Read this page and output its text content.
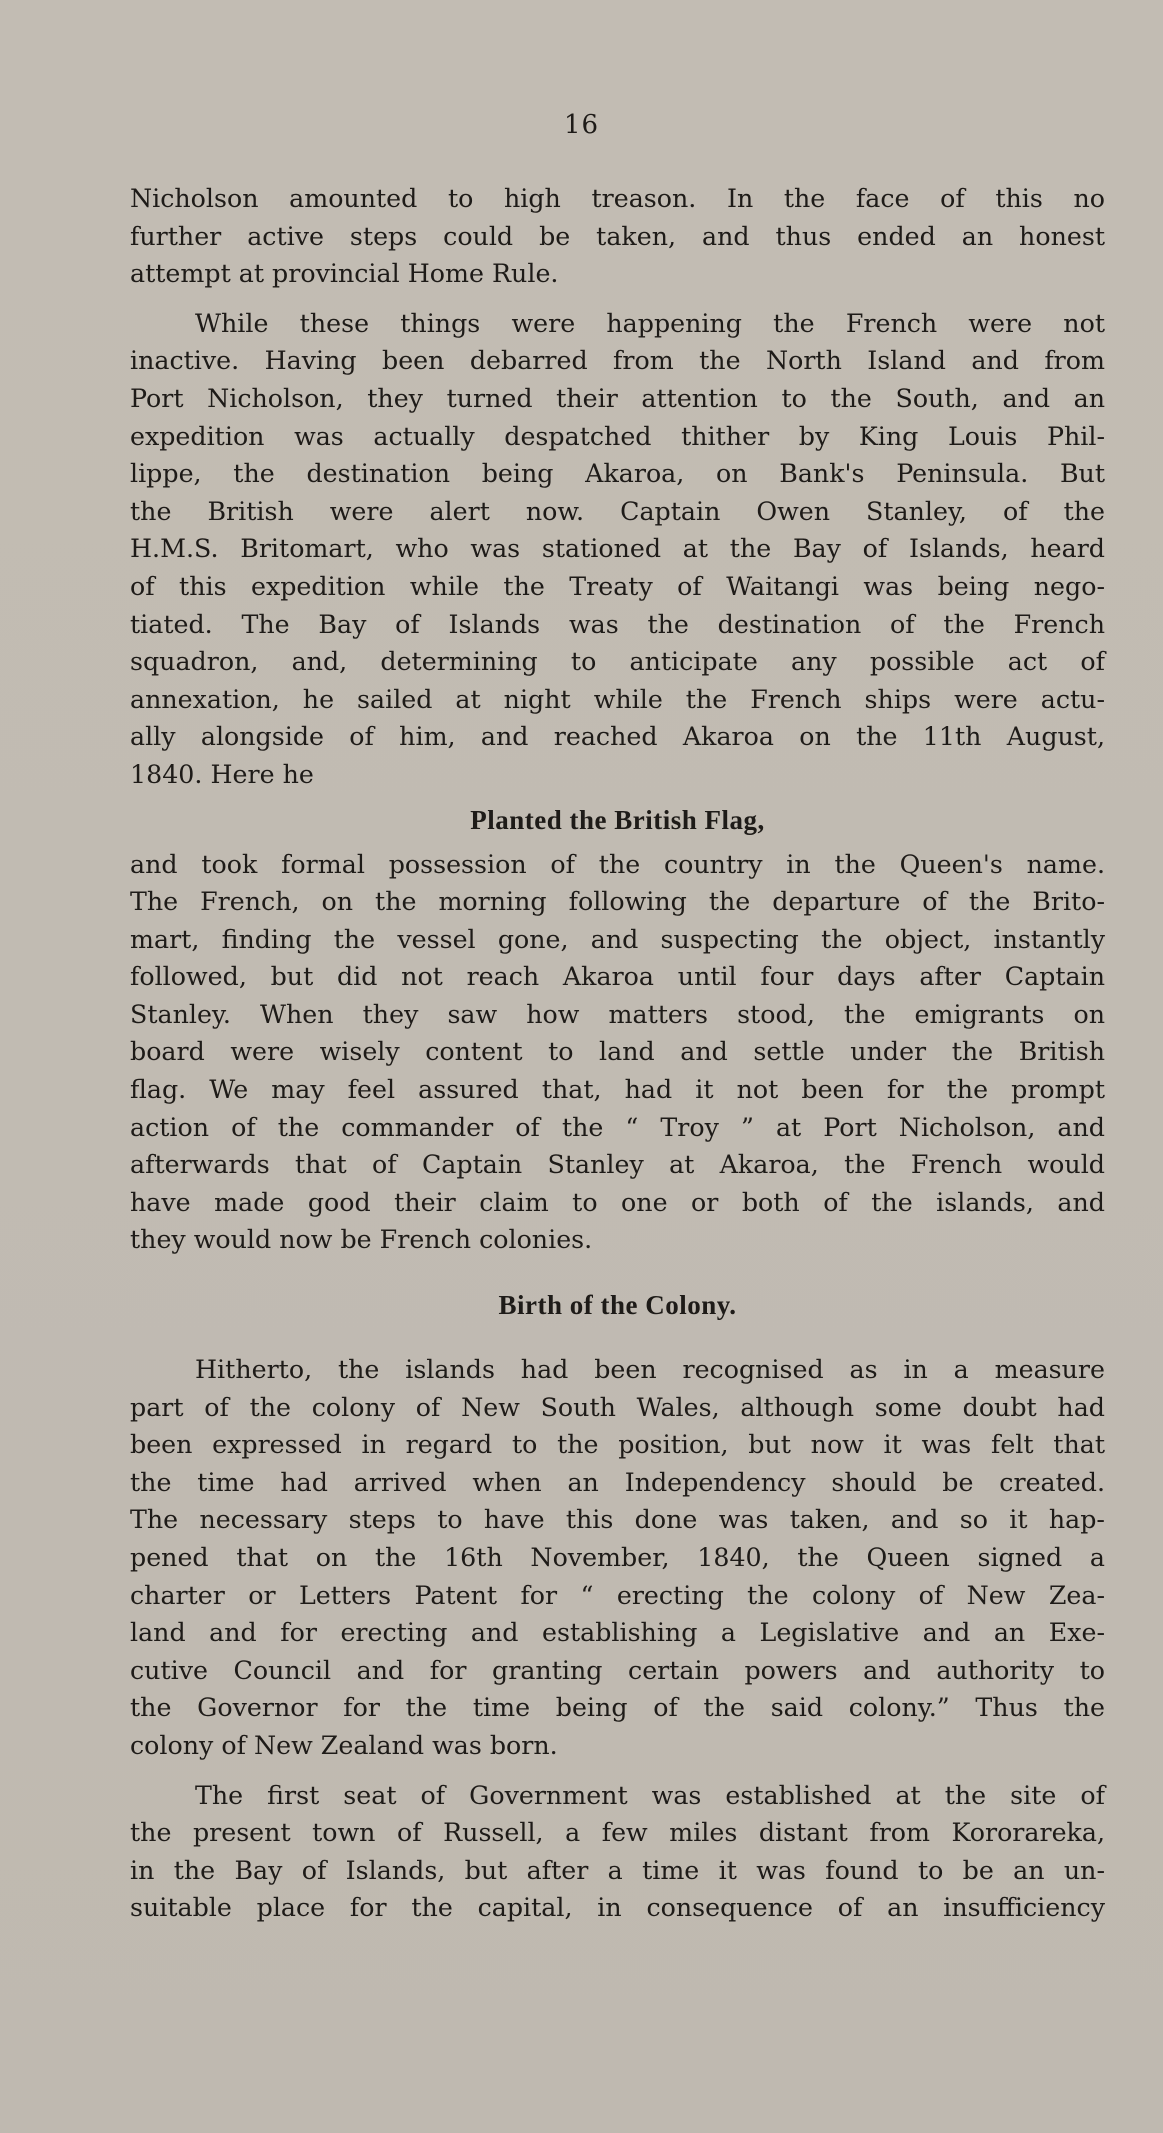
16

Nicholson amounted to high treason. In the face of this no
further active steps could be taken, and thus ended an honest
attempt at provincial Home Rule.

While these things were happening the French were not
inactive. Having been debarred from the North Island and from
Port Nicholson, they turned their attention to the South, and an
expedition was actually despatched thither by King Louis Phil-
lippe, the destination being Akaroa, on Bank's Peninsula. But
the British were alert now. Captain Owen Stanley, of the
H.M.S. Britomart, who was stationed at the Bay of Islands, heard
of this expedition while the Treaty of Waitangi was being nego-
tiated. The Bay of Islands was the destination of the French
squadron, and, determining to anticipate any possible act of
annexation, he sailed at night while the French ships were actu-
ally alongside of him, and reached Akaroa on the 11th August,
1840. Here he

Planted the British Flag,

and took formal possession of the country in the Queen's name.
The French, on the morning following the departure of the Brito-
mart, finding the vessel gone, and suspecting the object, instantly
followed, but did not reach Akaroa until four days after Captain
Stanley. When they saw how matters stood, the emigrants on
board were wisely content to land and settle under the British
flag. We may feel assured that, had it not been for the prompt
action of the commander of the “ Troy ” at Port Nicholson, and
afterwards that of Captain Stanley at Akaroa, the French would
have made good their claim to one or both of the islands, and
they would now be French colonies.

Birth of the Colony.

Hitherto, the islands had been recognised as in a measure
part of the colony of New South Wales, although some doubt had
been expressed in regard to the position, but now it was felt that
the time had arrived when an Independency should be created.
The necessary steps to have this done was taken, and so it hap-
pened that on the 16th November, 1840, the Queen signed a
charter or Letters Patent for “ erecting the colony of New Zea-
land and for erecting and establishing a Legislative and an Exe-
cutive Council and for granting certain powers and authority to
the Governor for the time being of the said colony.” Thus the
colony of New Zealand was born.

The first seat of Government was established at the site of
the present town of Russell, a few miles distant from Kororareka,
in the Bay of Islands, but after a time it was found to be an un-
suitable place for the capital, in consequence of an insufficiency
